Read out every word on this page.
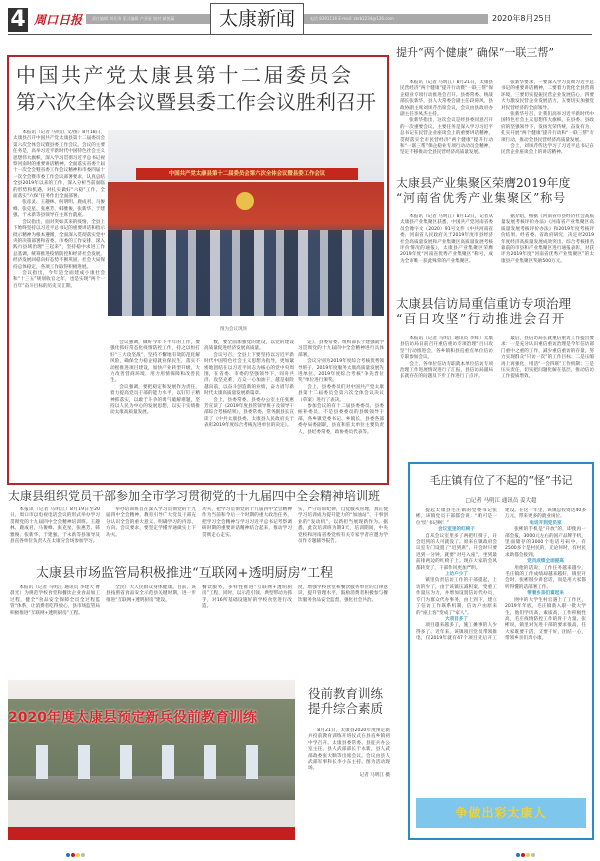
4 周口日报	责任编辑 刘亚涛 见习编辑 卢亚星 校对 郝悦藁	太康新闻	电话 8391116 E-mail: zkrb1234@126.com	2020年8月25日
中国共产党太康县第十二届委员会
第六次全体会议暨县委工作会议胜利召开

本报讯（记者 马明江 文/图）8月18日，太康县召开中国共产党太康县第十二届委员会第六次全体会议暨县委工作会议。会议的主要任务是，高举习近平新时代中国特色社会主义思想伟大旗帜，深入学习贯彻习近平总书记视察河南时的重要讲话精神，全面落实省委十届十一次全会暨省委工作会议精神和市委四届十一次全会暨市委工作会议部署要求，认真总结全县2019年以来的工作，深入分析当前面临的形势和机遇，对扎实做好“六稳”工作、全面落实“六保”任务作出全面部署。

张彦灵、王趣林、何明明、鹿成君、马俊峰、张克星、张惠芳、韩雅俊、张新华、于建强、于永新等县领导在主席台就座。

会议指出，面对突如其来的疫情，全县上下始终坚持以习近平总书记的重要讲话和指示批示精神为根本遵循，全面深入贯彻落实党中央的决策部署和省委、市委的工作安排，深入践行县域治理“三起来”，坚持稳中求进工作总基调，统筹推进疫情防控和经济社会发展，经济发展回稳向好态势不断巩固，社会大局保持总体稳定，各项工作取得积极进展。

会议指出，今年是全面建成小康社会和“十三五”规划收官之年，也是实现“两个一百年”奋斗目标的历史交汇期。

中国共产党太康县第十二届委员会第六次全体会议暨县委工作会议
图为会议现场

会议强调，做好今年下半年的工作，要强化抓好常态化疫情防控工作，持之以恒打好“三大攻坚战”，坚持不懈地有效防范化解风险，确保全力稳企稳就业保民生，落实不动摇推进项目建设，加快产业转型升级，大力改善营商环境，用力用情保障和改善民生。

会议强调，要把稳定和发展作为责任，着力提高党员干部的能力水平，以钉钉子精神抓落实，以敢于斗争的勇气破解难题，坚持以人民为中心的发展思想，以实干实绩推动太康高质量发展。

数，要全面加强党的建设，以党的建设高质量促进经济发展高质量。

会议号召，全县上下要坚持以习近平新时代中国特色社会主义思想为指导，更加紧密地团结在以习近平同志为核心的党中央周围，在省委、市委的坚强领导下，同舟共济、攻坚克难，万众一心加油干，越是艰险越向前，以奋斗创造新的业绩，奋力谱写新时代太康高质量发展新篇章。

会上，县委常委、县委办公室主任张惠芳宣读了《2019年度县管领导班子及领导干部综合考核结果》，县委常委、常务副县长宣读了《中共太康县委、太康县人民政府关于表彰2019年度综合考核先进单位的决定》。

定》，县委常委、组织部长于建强就学习贯彻党的十九届四中全会精神进行具体部署。

会议分别为2019年度综合考核优秀领导班子、2019年度服务太康高质量发展先进单位、2019年度综合考核“争先晋位奖”单位进行颁奖。

会上，县委委员们对中国共产党太康县第十二届委员会第六次全体会议决议（草案）进行了表决。

参加会议的有十二届县委委员、县委候补委员，不是县委委员的县级领导干部，各乡镇党委书记、乡镇长，县委各部委办局委副职，县直和驻太单位主要负责人，县纪委常委，政协委员代表等。

太康县组织党员干部参加全市学习贯彻党的十九届四中全会精神培训班
本报讯（记者 马明江）8月19日至20日，周口市以电视电话会议的形式举办学习贯彻党的十九届四中全会精神培训班。王趣林、鹿成君、马俊峰、张克星、张惠芳、韩雅俊、张新华、于建强、于永新等县领导及县直各单位负责人在太康分会场参加学习。
举办培训班旨在深入学习贯彻党的十九届四中全会精神，教育引导广大党员干部充分认识全会的重大意义，明确学习的内容、方向。会议要求，要坚定学懂弄通做实上下功夫。
功夫，把学习贯彻党的十九届四中全会精神作为当前和今后一个时期的重大政治任务，把学习全会精神与学习习近平总书记考察调研时期的重要讲话精神结合起来，推动学习贯彻走心走实。
实，严守培训纪律，自觉服从管理，真正使学习培训成为提升能力的“加油站”、干事创业的“发动机”，以新担当展现新作为。据悉，此次培训班为期3天，培训期间，中央党校和河南省委党校有关专家学者应邀为学员作专题辅导报告。
太康县市场监管局积极推进“互联网+透明厨房”工程
本报讯（记者 马明江 通讯员 李建大 曹晨光）为规范学校食堂和餐饮企业食品加工过程，健全“食品安全保障全员全过程监管”体系，让消费者吃得放心，县市场监管局积极推进“互联网+透明厨房”工程。
全民广大人民群众身体健康。目前，该县按照省食品安全示范县关键时期，进一步推进“互联网+透明厨房”建设。
餐饮服务，多样性推进“互联网+透明厨房”工程，同时，以示范引领、典型带动为抓手，对16所基础设施好的学校食堂进行改造。
度，增强学校食堂和餐饮服务单位的自律意识，提升管理水平，鼓励消费者积极参与餐饮服务食品安全监督，强化社会共治。
2020年度太康县预定新兵役前教育训练
役前教育训练
提升综合素质

8月21日，太康县2020年度预定新兵役前教育训练开班仪式在县直乡镇初中学召开。太康县委常委、县征兵办公室主任，县人武部部长于永新，县人武部政委张大顺等出席会议。会议由县人武部军事科长李小东主持。图为活动现场。

记者 马明江 摄

提升“两个健康” 确保“一联三帮”

本报讯（记者 马明江）8月21日，太康县民营经济“两个健康”提升行动暨“一联三帮”保企稳业专项行动推进会召开。县委常委、统战部长张新华，县人大常委会副主任段荷风，县政协副主席刘凤芹出席会议，会议由县政府办副主任李凤杰主持。

张新华指出，这次会议是经县委同意召开的一次重要会议。主要任务是深入学习习近平总书记在民营企业座谈会上的重要讲话精神，贯彻落实全市民营经济“两个健康”提升行动和“一联三帮”保企稳业专项行动动员会精神，坚定不移推动全县民营经济高质量发展。

张新华要求，一要深入学习贯彻习近平总书记的重要讲话精神，二要着力优化全县营商环境，三要切实提振民营企业发展信心，四要大力激发民营企业发展活力，五要切实加强党对民营经济的全面领导。

张新华号召，让我们高举习近平新时代中国特色社会主义思想伟大旗帜，在县委、县政府的坚强领导下，发扬光荣传统，奋发有为，扎实开展“两个健康”提升行动和“一联三帮”专项行动，推动全县民营经济高质量发展。

会上，刘凤芹传达学习了习近平总书记在民营企业座谈会上的讲话精神。

太康县产业集聚区荣膺2019年度
“河南省优秀产业集聚区”称号

本报讯（记者 马明江）8月12日，记者从太康县产业集聚区获悉，中国共产党河南省委员会豫字文（2020）91号文件《中共河南省委、河南省人民政府关于2019年度市县经济社会高质量发展和产业集聚区高质量发展考核评价情况的通报》，太康县产业集聚区荣膺2019年度“河南省优秀产业集聚区”称号，成为全市唯一获此殊荣的产业集聚区。

据介绍，根据《河南省市县经济社会高质量发展考核评价办法》《河南省产业集聚区高质量发展考核评价办法》和2019年度考核评价结果，经省委、省政府研究，决定对2019年度经济高质量发展成效突出、综合考核排名靠前的市县和产业集聚区进行通报表彰，对获评为2019年度“河南省优秀产业集聚区”的太康县产业集聚区奖励500万元。

太康县信访局重信重访专项治理
“百日攻坚”行动推进会召开

本报讯（记者 马明江 通讯员 李辉）太康县信访局日前召开重信重访专项治理“百日攻坚”行动推进会，各乡镇和县直重点单位信访专职参加会议。

会上，各单位信访专职就本单位信访专项治理工作进展情况进行了汇报，县信访局副局长就存在的问题及下步工作进行了点评。

最后，县信访局长就重信重访工作提出要求：一是充分认识重信重访治理是今年信访部门重中之重的工作，减少重信重访的存量，努力实现群众“只访一次”的工作目标；二是压缩再上再强化，用活“一会四联”工作机制；三是压实责任，切实把问题化解在基层，推动信访工作提质增效。

毛庄镇有位了不起的“怪”书记
□记者 马明江 通讯员 姜大超

提起太康县毛庄镇的党委书记张彬，该镇党员干部都会说：“咱可是一位‘怪’书记啊！”

会议室里的红椅子

自从会议室里多了两把红椅子，开会迟到的人可就没了。原来在镇政府会议室专门设置了“迟到席”，开会时只要迟到一分钟，就要“对号入座”，坐到最前排两边的红椅子上。现在大家的会风都转变了，干部作风更加严明。

上访户少了

镇里负责信访工作的干部提起，上访的少了，由于该镇压减积案，变重工作量压为力，并增加设置信访代办员，专门为群众代办事务，由上到下，建立了信访工作联系机制，信访户由原来的“座上客”变成了“家人”。

大项目多了

项目越来越多了，施工摊事的人少得多了。近年来，该镇项目党员带领推电，仅2019年就有47个项目先后开工建设。在这一年里，该镇总投资达40多万元，带来更多的就业岗位。

电话开到党员家

张彬的手机是“开放”的，即使再一部会报，3000元左右的国产品牌手机，里面储存的3000个电话号码中，有2500多个是村民的，无论何时，有村民求助都会接到。

党员成绩全面提高

用他的话说，工作任务越来越少，毛庄镇的工作成绩却越来越好，镇里开会时，张彬很少讲套话，而是用大家都听得懂的话部署工作。

带着乡亲们富起来

网中的大学生村官遇上了工作区，2019年年底，毛庄镇新入职一批大学生，他们学历高，素质高，工作积极性高，毛庄疫情防控工作的骨干力量。张彬说，镇里对先进干部的要求很高，任大家既要干活，又要干好，团结一心，带领乡亲们奔小康。

争做出彩太康人
